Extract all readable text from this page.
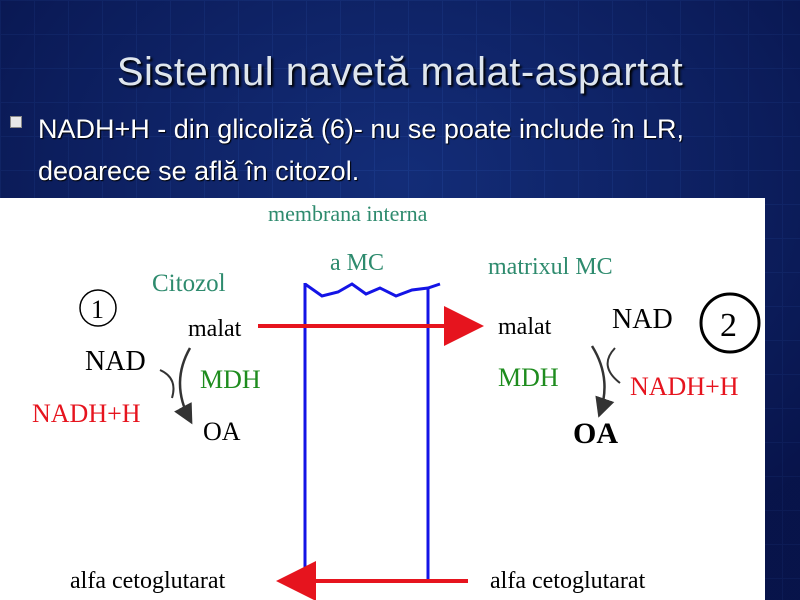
Sistemul navetă malat-aspartat
NADH+H - din glicoliză (6)- nu se poate include în LR, deoarece se află în citozol.
membrana interna
a MC
Citozol
matrixul MC
1	2
malat
NAD
MDH
NADH+H
OA
malat NAD
MDH	NADH+H
OA
alfa cetoglutarat	alfa cetoglutarat
